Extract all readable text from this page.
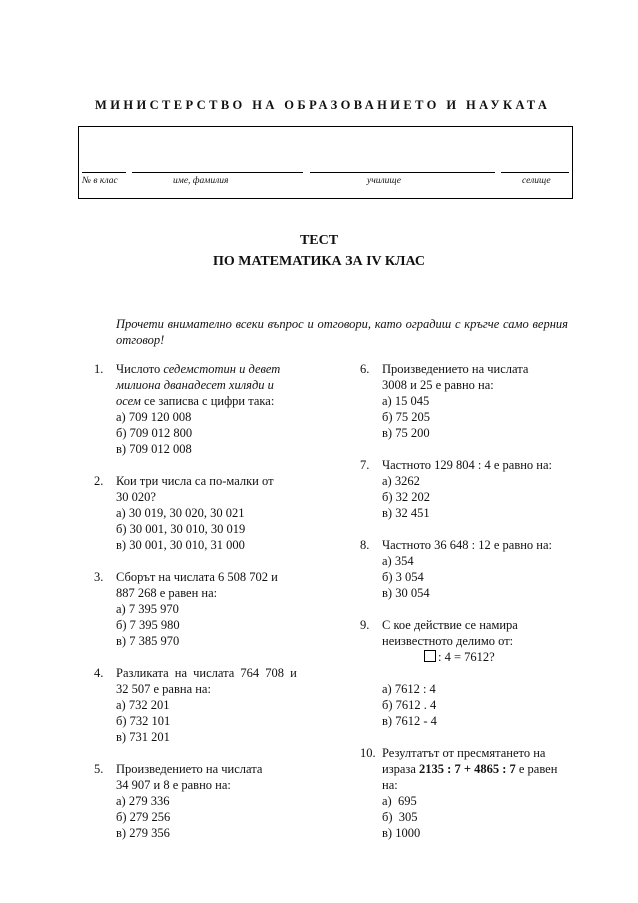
МИНИСТЕРСТВО НА ОБРАЗОВАНИЕТО И НАУКАТА
№ в клас	име, фамилия	училище	селище
ТЕСТ
ПО МАТЕМАТИКА ЗА IV КЛАС
Прочети внимателно всеки въпрос и отговори, като оградиш с кръгче само верния отговор!
1. Числото седемстотин и девет
милиона дванадесет хиляди и
осем се записва с цифри така:
а) 709 120 008
б) 709 012 800
в) 709 012 008
2. Кои три числа са по-малки от
30 020?
а) 30 019, 30 020, 30 021
б) 30 001, 30 010, 30 019
в) 30 001, 30 010, 31 000
3. Сборът на числата 6 508 702 и
887 268 е равен на:
а) 7 395 970
б) 7 395 980
в) 7 385 970
4. Разликата на числата 764 708 и
32 507 е равна на:
а) 732 201
б) 732 101
в) 731 201
5. Произведението на числата
34 907 и 8 е равно на:
а) 279 336
б) 279 256
в) 279 356
6. Произведението на числата
3008 и 25 е равно на:
а) 15 045
б) 75 205
в) 75 200
7. Частното 129 804 : 4 е равно на:
а) 3262
б) 32 202
в) 32 451
8. Частното 36 648 : 12 е равно на:
а) 354
б) 3 054
в) 30 054
9. С кое действие се намира
неизвестното делимо от:
: 4 = 7612?
а) 7612 : 4
б) 7612 . 4
в) 7612 - 4
10. Резултатът от пресмятането на
израза 2135 : 7 + 4865 : 7 е равен
на:
а)  695
б)  305
в) 1000
